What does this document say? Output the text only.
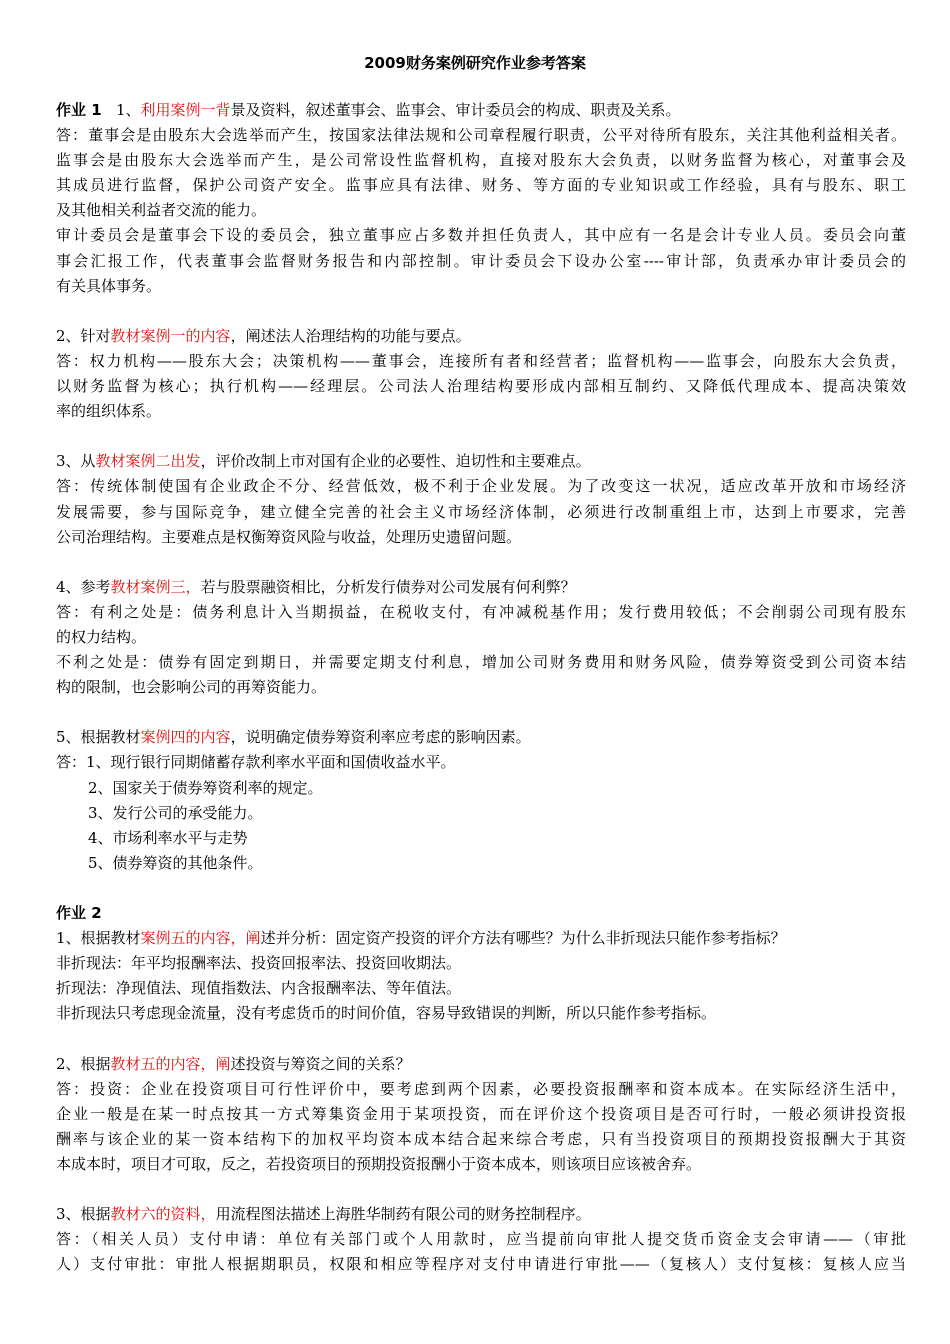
2009财务案例研究作业参考答案
作业 1 1、利用案例一背景及资料，叙述董事会、监事会、审计委员会的构成、职责及关系。
答：董事会是由股东大会选举而产生，按国家法律法规和公司章程履行职责，公平对待所有股东，关注其他利益相关者。
监事会是由股东大会选举而产生，是公司常设性监督机构，直接对股东大会负责，以财务监督为核心，对董事会及
其成员进行监督，保护公司资产安全。监事应具有法律、财务、等方面的专业知识或工作经验，具有与股东、职工
及其他相关利益者交流的能力。
审计委员会是董事会下设的委员会，独立董事应占多数并担任负责人，其中应有一名是会计专业人员。委员会向董
事会汇报工作，代表董事会监督财务报告和内部控制。审计委员会下设办公室----审计部，负责承办审计委员会的
有关具体事务。
2、针对教材案例一的内容，阐述法人治理结构的功能与要点。
答：权力机构——股东大会；决策机构——董事会，连接所有者和经营者；监督机构——监事会，向股东大会负责，
以财务监督为核心；执行机构——经理层。公司法人治理结构要形成内部相互制约、又降低代理成本、提高决策效
率的组织体系。
3、从教材案例二出发，评价改制上市对国有企业的必要性、迫切性和主要难点。
答：传统体制使国有企业政企不分、经营低效，极不利于企业发展。为了改变这一状况，适应改革开放和市场经济
发展需要，参与国际竞争，建立健全完善的社会主义市场经济体制，必须进行改制重组上市，达到上市要求，完善
公司治理结构。主要难点是权衡筹资风险与收益，处理历史遗留问题。
4、参考教材案例三，若与股票融资相比，分析发行债券对公司发展有何利弊？
答：有利之处是：债务利息计入当期损益，在税收支付，有冲减税基作用；发行费用较低；不会削弱公司现有股东
的权力结构。
不利之处是：债券有固定到期日，并需要定期支付利息，增加公司财务费用和财务风险，债券筹资受到公司资本结
构的限制，也会影响公司的再筹资能力。
5、根据教材案例四的内容，说明确定债券筹资利率应考虑的影响因素。
答：1、现行银行同期储蓄存款利率水平面和国债收益水平。
2、国家关于债券筹资利率的规定。
3、发行公司的承受能力。
4、市场利率水平与走势
5、债券筹资的其他条件。
作业 2
1、根据教材案例五的内容，阐述并分析：固定资产投资的评介方法有哪些？为什么非折现法只能作参考指标？
非折现法：年平均报酬率法、投资回报率法、投资回收期法。
折现法：净现值法、现值指数法、内含报酬率法、等年值法。
非折现法只考虑现金流量，没有考虑货币的时间价值，容易导致错误的判断，所以只能作参考指标。
2、根据教材五的内容，阐述投资与筹资之间的关系？
答：投资：企业在投资项目可行性评价中，要考虑到两个因素，必要投资报酬率和资本成本。在实际经济生活中，
企业一般是在某一时点按其一方式筹集资金用于某项投资，而在评价这个投资项目是否可行时，一般必须讲投资报
酬率与该企业的某一资本结构下的加权平均资本成本结合起来综合考虑，只有当投资项目的预期投资报酬大于其资
本成本时，项目才可取，反之，若投资项目的预期投资报酬小于资本成本，则该项目应该被舍弃。
3、根据教材六的资料，用流程图法描述上海胜华制药有限公司的财务控制程序。
答：（相关人员）支付申请：单位有关部门或个人用款时，应当提前向审批人提交货币资金支会审请——（审批
人）支付审批：审批人根据期职员，权限和相应等程序对支付申请进行审批——（复核人）支付复核：复核人应当
